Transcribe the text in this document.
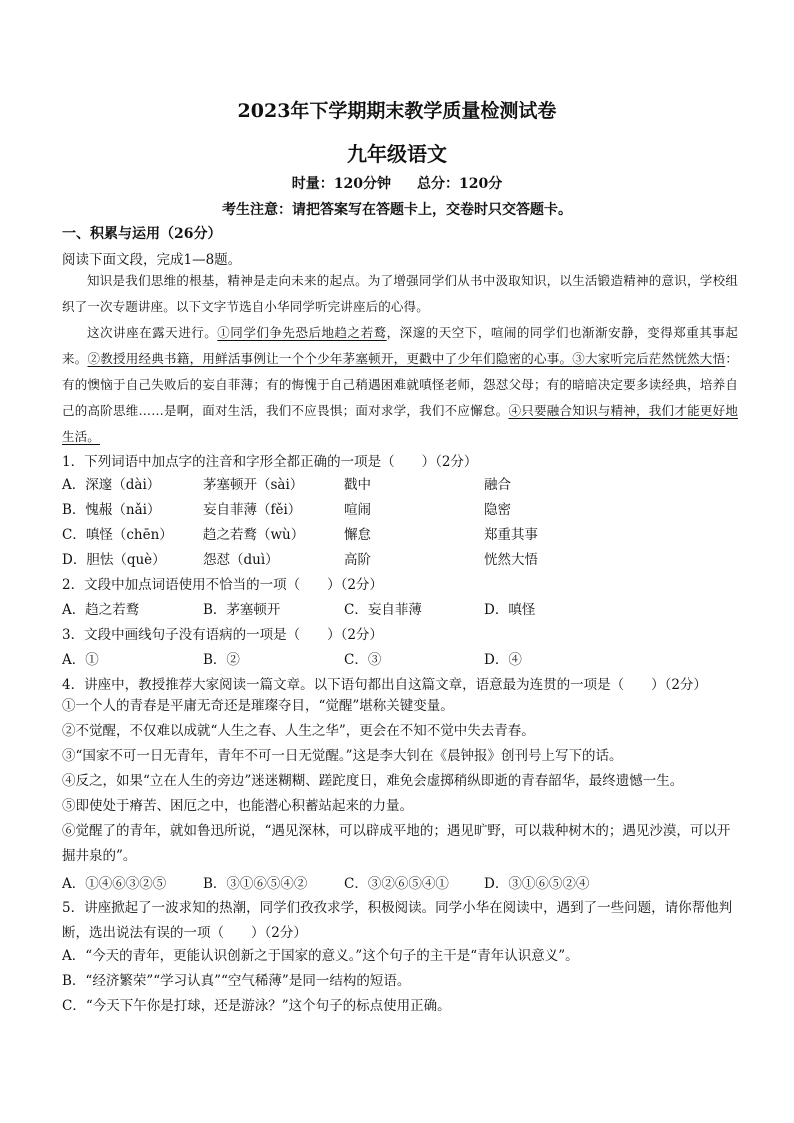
2023年下学期期末教学质量检测试卷
九年级语文
时量：120分钟 总分：120分
考生注意：请把答案写在答题卡上，交卷时只交答题卡。
一、积累与运用（26分）
阅读下面文段，完成1—8题。
知识是我们思维的根基，精神是走向未来的起点。为了增强同学们从书中汲取知识，以生活锻造精神的意识，学校组织了一次专题讲座。以下文字节选自小华同学听完讲座后的心得。
这次讲座在露天进行。①同学们争先恐后地趋之若鹜，深邃的天空下，喧闹的同学们也渐渐安静，变得郑重其事起来。②教授用经典书籍，用鲜活事例让一个个少年茅塞顿开，更戳中了少年们隐密的心事。③大家听完后茫然恍然大悟：有的懊恼于自己失败后的妄自菲薄；有的悔愧于自己稍遇困难就嗔怪老师，怨怼父母；有的暗暗决定要多读经典，培养自己的高阶思维……是啊，面对生活，我们不应畏惧；面对求学，我们不应懈怠。④只要融合知识与精神，我们才能更好地生活。
1．下列词语中加点字的注音和字形全都正确的一项是（　　）（2分）
A．深邃（dài）	茅塞顿开（sài）	戳中	融合
B．愧赧（nǎi）	妄自菲薄（fěi）	喧闹	隐密
C．嗔怪（chēn） 趋之若鹜（wù）	懈怠	郑重其事
D．胆怯（què）	怨怼（duì）	高阶	恍然大悟
2．文段中加点词语使用不恰当的一项（　　）（2分）
A．趋之若鹜	B．茅塞顿开	C．妄自菲薄	D．嗔怪
3．文段中画线句子没有语病的一项是（　　）（2分）
A．①	B．②	C．③	D．④
4．讲座中，教授推荐大家阅读一篇文章。以下语句都出自这篇文章，语意最为连贯的一项是（　　）（2分）
①一个人的青春是平庸无奇还是璀璨夺目，“觉醒”堪称关键变量。
②不觉醒，不仅难以成就“人生之春、人生之华”，更会在不知不觉中失去青春。
③“国家不可一日无青年，青年不可一日无觉醒。”这是李大钊在《晨钟报》创刊号上写下的话。
④反之，如果“立在人生的旁边”迷迷糊糊、蹉跎度日，难免会虚掷稍纵即逝的青春韶华，最终遗憾一生。
⑤即使处于瘠苦、困厄之中，也能潜心积蓄站起来的力量。
⑥觉醒了的青年，就如鲁迅所说，“遇见深林，可以辟成平地的；遇见旷野，可以栽种树木的；遇见沙漠，可以开掘井泉的”。
A．①④⑥③②⑤	B．③①⑥⑤④②	C．③②⑥⑤④①	D．③①⑥⑤②④
5．讲座掀起了一波求知的热潮，同学们孜孜求学，积极阅读。同学小华在阅读中，遇到了一些问题，请你帮他判断，选出说法有误的一项（　　）（2分）
A．“今天的青年，更能认识创新之于国家的意义。”这个句子的主干是“青年认识意义”。
B．“经济繁荣”“学习认真”“空气稀薄”是同一结构的短语。
C．“今天下午你是打球，还是游泳？”这个句子的标点使用正确。
